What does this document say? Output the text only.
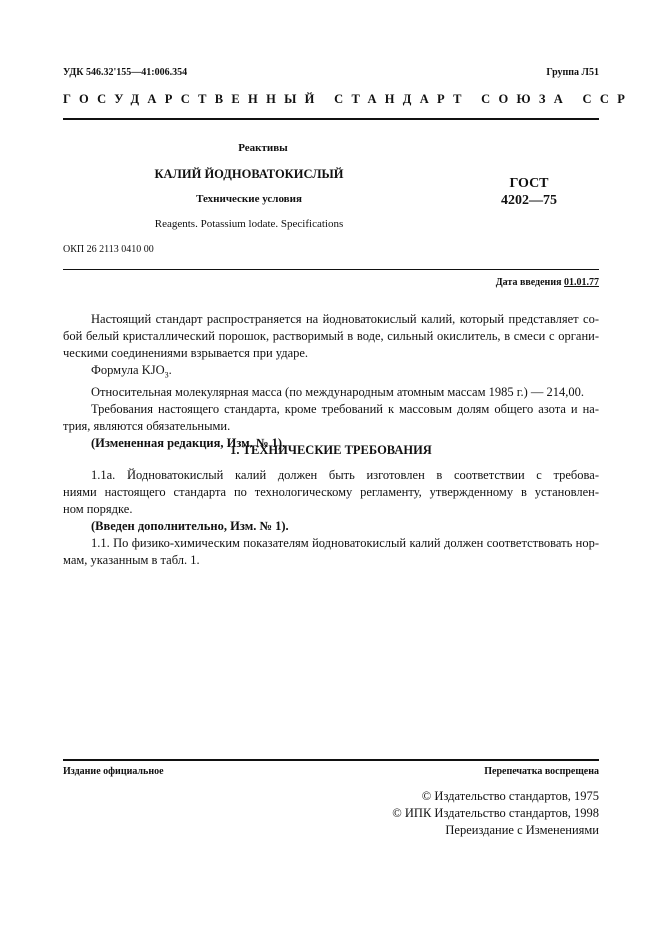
УДК 546.32'155—41:006.354	Группа Л51
ГОСУДАРСТВЕННЫЙ СТАНДАРТ СОЮЗА ССР
Реактивы
КАЛИЙ ЙОДНОВАТОКИСЛЫЙ
Технические условия
Reagents. Potassium lodate. Specifications
ГОСТ
4202—75
ОКП 26 2113 0410 00
Дата введения 01.01.77
Настоящий стандарт распространяется на йодноватокислый калий, который представляет со-
бой белый кристаллический порошок, растворимый в воде, сильный окислитель, в смеси с органи-
ческими соединениями взрывается при ударе.
Формула $KJO_3$.
Относительная молекулярная масса (по международным атомным массам 1985 г.) — 214,00.
Требования настоящего стандарта, кроме требований к массовым долям общего азота и на-
трия, являются обязательными.
(Измененная редакция, Изм. № 1).
1. ТЕХНИЧЕСКИЕ ТРЕБОВАНИЯ
1.1а. Йодноватокислый калий должен быть изготовлен в соответствии с требова-
ниями настоящего стандарта по технологическому регламенту, утвержденному в установлен-
ном порядке.
(Введен дополнительно, Изм. № 1).
1.1. По физико-химическим показателям йодноватокислый калий должен соответствовать нор-
мам, указанным в табл. 1.
Издание официальное	Перепечатка воспрещена
© Издательство стандартов, 1975
© ИПК Издательство стандартов, 1998
Переиздание с Изменениями
